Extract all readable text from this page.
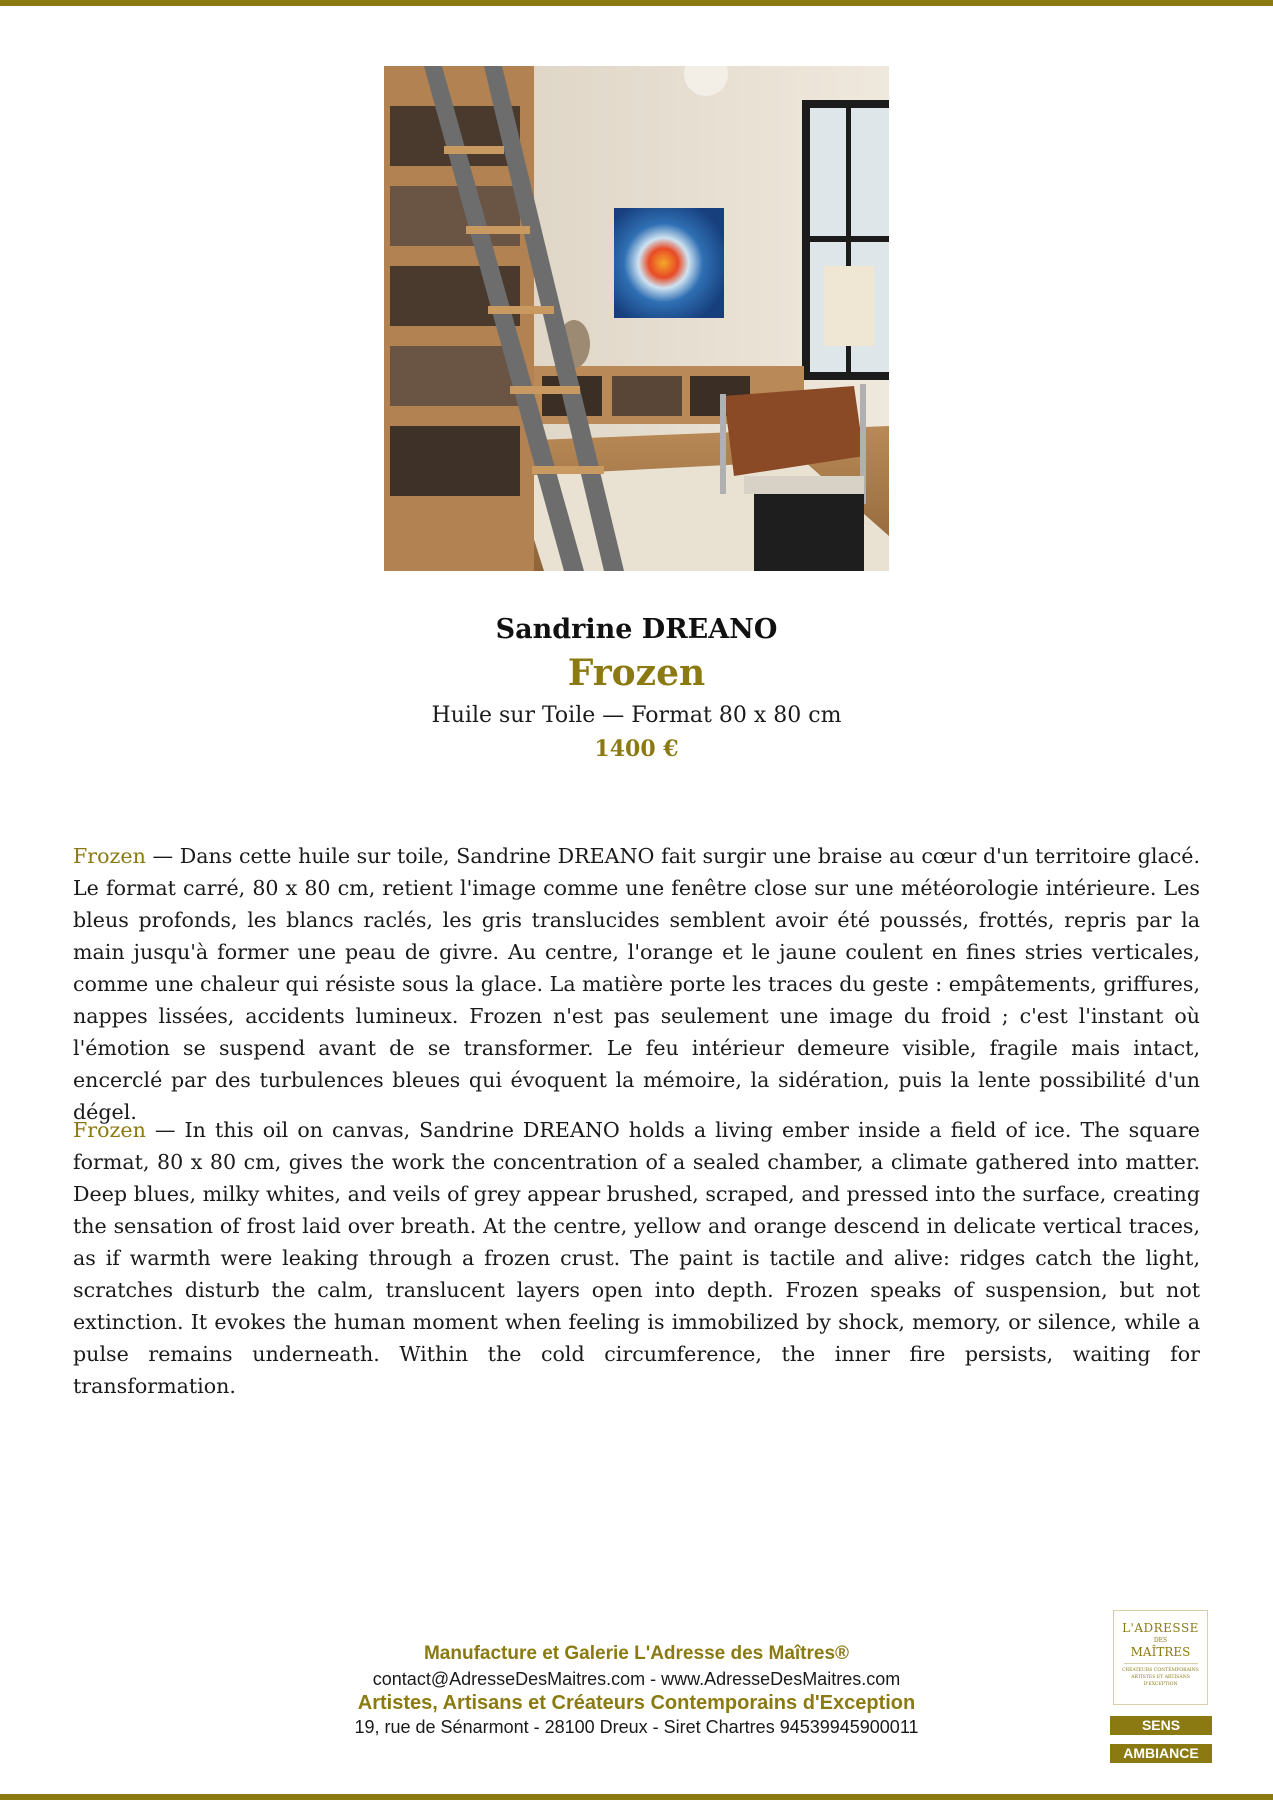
Sandrine DREANO
Frozen
Huile sur Toile — Format 80 x 80 cm
1400 €

Frozen — Dans cette huile sur toile, Sandrine DREANO fait surgir une braise au cœur d'un territoire glacé. Le format carré, 80 x 80 cm, retient l'image comme une fenêtre close sur une météorologie intérieure. Les bleus profonds, les blancs raclés, les gris translucides semblent avoir été poussés, frottés, repris par la main jusqu'à former une peau de givre. Au centre, l'orange et le jaune coulent en fines stries verticales, comme une chaleur qui résiste sous la glace. La matière porte les traces du geste : empâtements, griffures, nappes lissées, accidents lumineux. Frozen n'est pas seulement une image du froid ; c'est l'instant où l'émotion se suspend avant de se transformer. Le feu intérieur demeure visible, fragile mais intact, encerclé par des turbulences bleues qui évoquent la mémoire, la sidération, puis la lente possibilité d'un dégel.

Frozen — In this oil on canvas, Sandrine DREANO holds a living ember inside a field of ice. The square format, 80 x 80 cm, gives the work the concentration of a sealed chamber, a climate gathered into matter. Deep blues, milky whites, and veils of grey appear brushed, scraped, and pressed into the surface, creating the sensation of frost laid over breath. At the centre, yellow and orange descend in delicate vertical traces, as if warmth were leaking through a frozen crust. The paint is tactile and alive: ridges catch the light, scratches disturb the calm, translucent layers open into depth. Frozen speaks of suspension, but not extinction. It evokes the human moment when feeling is immobilized by shock, memory, or silence, while a pulse remains underneath. Within the cold circumference, the inner fire persists, waiting for transformation.

Manufacture et Galerie L'Adresse des Maîtres®
contact@AdresseDesMaitres.com - www.AdresseDesMaitres.com
Artistes, Artisans et Créateurs Contemporains d'Exception
19, rue de Sénarmont - 28100 Dreux - Siret Chartres 94539945900011
L'ADRESSE
DES
MAÎTRES
CRÉATEURS CONTEMPORAINS ARTISTES ET ARTISANS D'EXCEPTION
SENS
AMBIANCE
